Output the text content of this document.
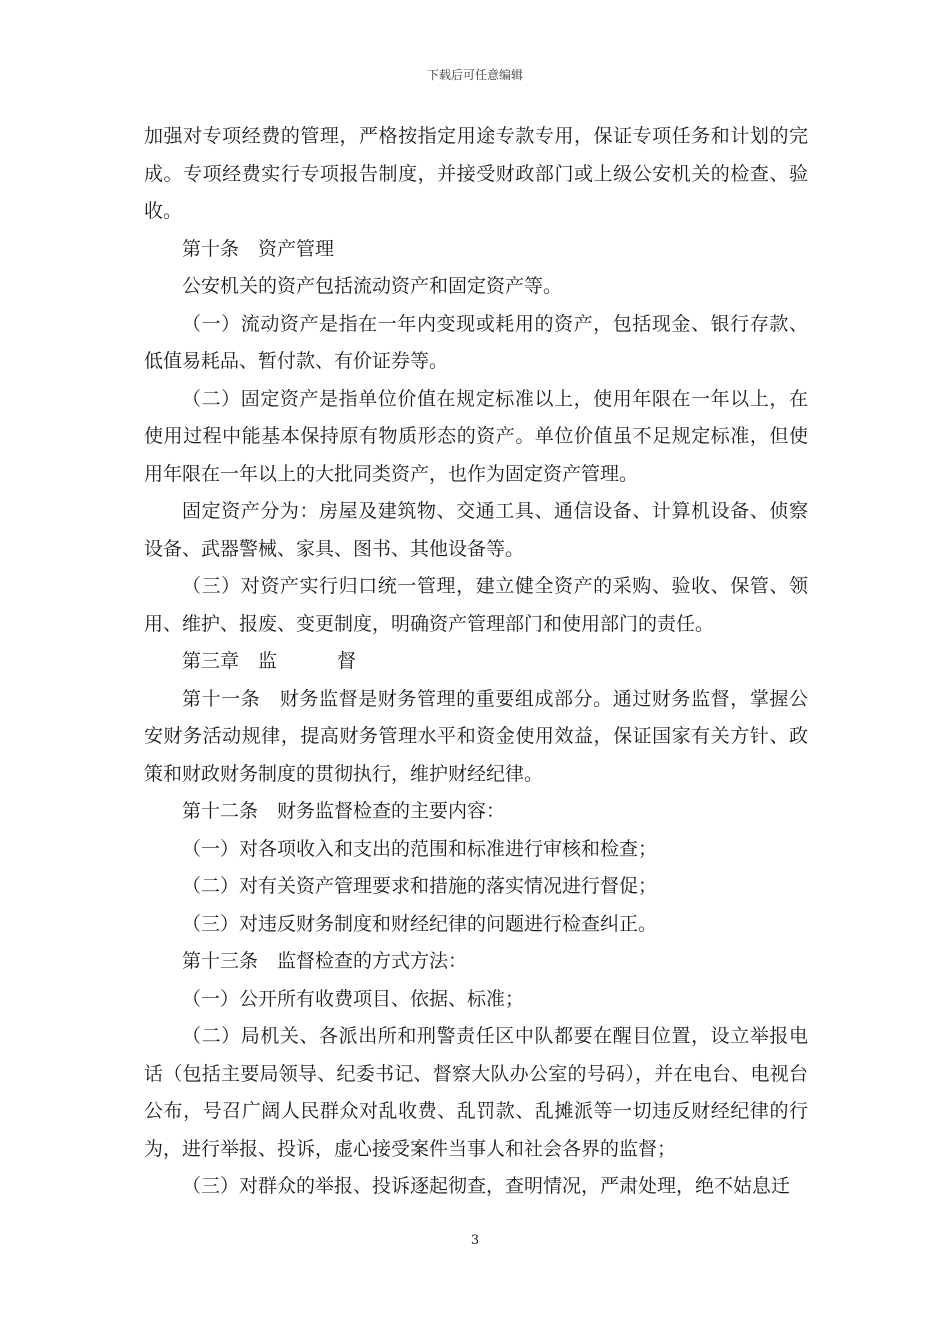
下载后可任意编辑

加强对专项经费的管理，严格按指定用途专款专用，保证专项任务和计划的完成。专项经费实行专项报告制度，并接受财政部门或上级公安机关的检查、验收。

第十条　资产管理

公安机关的资产包括流动资产和固定资产等。

（一）流动资产是指在一年内变现或耗用的资产，包括现金、银行存款、低值易耗品、暂付款、有价证券等。

（二）固定资产是指单位价值在规定标准以上，使用年限在一年以上，在使用过程中能基本保持原有物质形态的资产。单位价值虽不足规定标准，但使用年限在一年以上的大批同类资产，也作为固定资产管理。

固定资产分为：房屋及建筑物、交通工具、通信设备、计算机设备、侦察设备、武器警械、家具、图书、其他设备等。

（三）对资产实行归口统一管理，建立健全资产的采购、验收、保管、领用、维护、报废、变更制度，明确资产管理部门和使用部门的责任。

第三章　监	督

第十一条　财务监督是财务管理的重要组成部分。通过财务监督，掌握公安财务活动规律，提高财务管理水平和资金使用效益，保证国家有关方针、政策和财政财务制度的贯彻执行，维护财经纪律。

第十二条　财务监督检查的主要内容：

（一）对各项收入和支出的范围和标准进行审核和检查；

（二）对有关资产管理要求和措施的落实情况进行督促；

（三）对违反财务制度和财经纪律的问题进行检查纠正。

第十三条　监督检查的方式方法：

（一）公开所有收费项目、依据、标准；

（二）局机关、各派出所和刑警责任区中队都要在醒目位置，设立举报电话（包括主要局领导、纪委书记、督察大队办公室的号码），并在电台、电视台公布，号召广阔人民群众对乱收费、乱罚款、乱摊派等一切违反财经纪律的行为，进行举报、投诉，虚心接受案件当事人和社会各界的监督；

（三）对群众的举报、投诉逐起彻查，查明情况，严肃处理，绝不姑息迁

3
